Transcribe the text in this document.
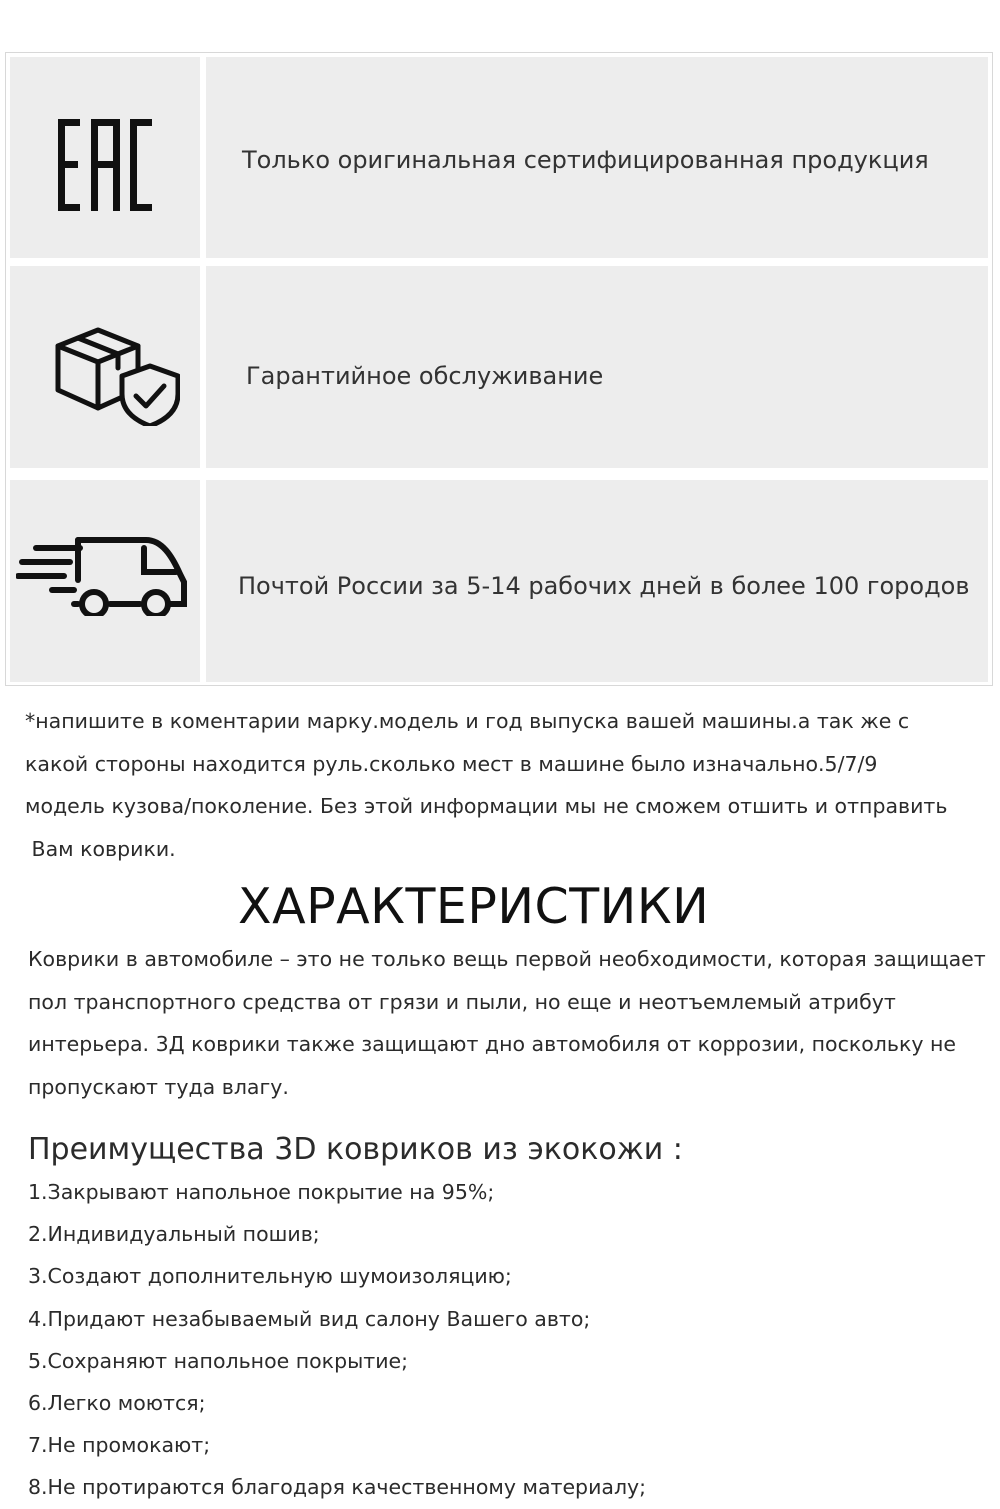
Только оригинальная сертифицированная продукция
Гарантийное обслуживание
Почтой России за 5-14 рабочих дней в более 100 городов

*напишите в коментарии марку.модель и год выпуска вашей машины.а так же с

какой стороны находится руль.сколько мест в машине было изначально.5/7/9

модель кузова/поколение. Без этой информации мы не сможем отшить и отправить

Вам коврики.

ХАРАКТЕРИСТИКИ

Коврики в автомобиле – это не только вещь первой необходимости, которая защищает

пол транспортного средства от грязи и пыли, но еще и неотъемлемый атрибут

интерьера. 3Д коврики также защищают дно автомобиля от коррозии, поскольку не

пропускают туда влагу.

Преимущества 3D ковриков из экокожи :
1.Закрывают напольное покрытие на 95%;
2.Индивидуальный пошив;
3.Создают дополнительную шумоизоляцию;
4.Придают незабываемый вид салону Вашего авто;
5.Сохраняют напольное покрытие;
6.Легко моются;
7.Не промокают;
8.Не протираются благодаря качественному материалу;
